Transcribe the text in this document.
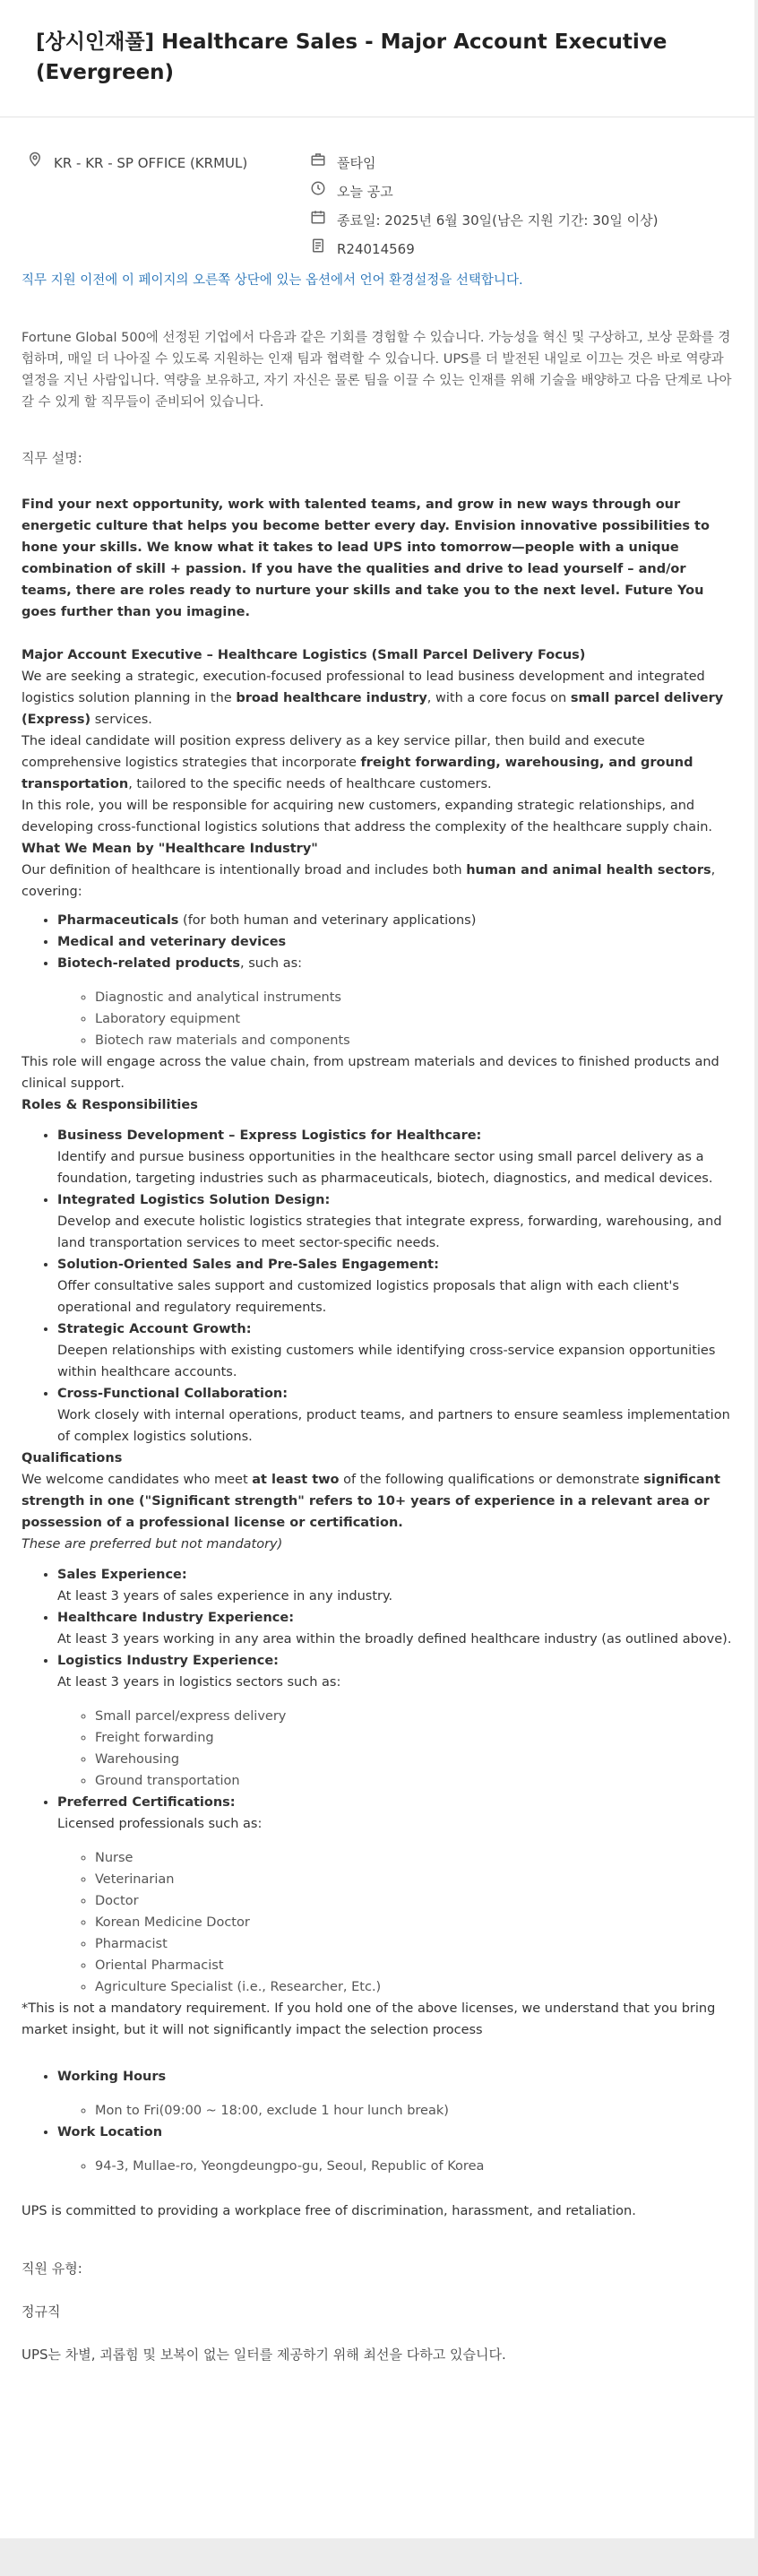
[상시인재풀] Healthcare Sales - Major Account Executive (Evergreen)
KR - KR - SP OFFICE (KRMUL)	풀타임
오늘 공고
종료일: 2025년 6월 30일(남은 지원 기간: 30일 이상)
R24014569

직무 지원 이전에 이 페이지의 오른쪽 상단에 있는 옵션에서 언어 환경설정을 선택합니다.

Fortune Global 500에 선정된 기업에서 다음과 같은 기회를 경험할 수 있습니다. 가능성을 혁신 및 구상하고, 보상 문화를 경험하며, 매일 더 나아질 수 있도록 지원하는 인재 팀과 협력할 수 있습니다. UPS를 더 발전된 내일로 이끄는 것은 바로 역량과 열정을 지닌 사람입니다. 역량을 보유하고, 자기 자신은 물론 팀을 이끌 수 있는 인재를 위해 기술을 배양하고 다음 단계로 나아갈 수 있게 할 직무들이 준비되어 있습니다.

직무 설명:

Find your next opportunity, work with talented teams, and grow in new ways through our energetic culture that helps you become better every day. Envision innovative possibilities to hone your skills. We know what it takes to lead UPS into tomorrow—people with a unique combination of skill + passion. If you have the qualities and drive to lead yourself – and/or teams, there are roles ready to nurture your skills and take you to the next level. Future You goes further than you imagine.

Major Account Executive – Healthcare Logistics (Small Parcel Delivery Focus)

We are seeking a strategic, execution-focused professional to lead business development and integrated logistics solution planning in the broad healthcare industry, with a core focus on small parcel delivery (Express) services.

The ideal candidate will position express delivery as a key service pillar, then build and execute comprehensive logistics strategies that incorporate freight forwarding, warehousing, and ground transportation, tailored to the specific needs of healthcare customers.

In this role, you will be responsible for acquiring new customers, expanding strategic relationships, and developing cross-functional logistics solutions that address the complexity of the healthcare supply chain.

What We Mean by "Healthcare Industry"

Our definition of healthcare is intentionally broad and includes both human and animal health sectors, covering:

• Pharmaceuticals (for both human and veterinary applications)
• Medical and veterinary devices
• Biotech-related products, such as:
◦ Diagnostic and analytical instruments
◦ Laboratory equipment
◦ Biotech raw materials and components

This role will engage across the value chain, from upstream materials and devices to finished products and clinical support.

Roles & Responsibilities

• Business Development – Express Logistics for Healthcare:
Identify and pursue business opportunities in the healthcare sector using small parcel delivery as a foundation, targeting industries such as pharmaceuticals, biotech, diagnostics, and medical devices.
• Integrated Logistics Solution Design:
Develop and execute holistic logistics strategies that integrate express, forwarding, warehousing, and land transportation services to meet sector-specific needs.
• Solution-Oriented Sales and Pre-Sales Engagement:
Offer consultative sales support and customized logistics proposals that align with each client's operational and regulatory requirements.
• Strategic Account Growth:
Deepen relationships with existing customers while identifying cross-service expansion opportunities within healthcare accounts.
• Cross-Functional Collaboration:
Work closely with internal operations, product teams, and partners to ensure seamless implementation of complex logistics solutions.

Qualifications

We welcome candidates who meet at least two of the following qualifications or demonstrate significant strength in one ("Significant strength" refers to 10+ years of experience in a relevant area or possession of a professional license or certification.

These are preferred but not mandatory)

• Sales Experience:
At least 3 years of sales experience in any industry.
• Healthcare Industry Experience:
At least 3 years working in any area within the broadly defined healthcare industry (as outlined above).
• Logistics Industry Experience:
At least 3 years in logistics sectors such as:
◦ Small parcel/express delivery
◦ Freight forwarding
◦ Warehousing
◦ Ground transportation
• Preferred Certifications:
Licensed professionals such as:
◦ Nurse
◦ Veterinarian
◦ Doctor
◦ Korean Medicine Doctor
◦ Pharmacist
◦ Oriental Pharmacist
◦ Agriculture Specialist (i.e., Researcher, Etc.)

*This is not a mandatory requirement. If you hold one of the above licenses, we understand that you bring market insight, but it will not significantly impact the selection process

• Working Hours
◦ Mon to Fri(09:00 ~ 18:00, exclude 1 hour lunch break)
• Work Location
◦ 94-3, Mullae-ro, Yeongdeungpo-gu, Seoul, Republic of Korea

UPS is committed to providing a workplace free of discrimination, harassment, and retaliation.

직원 유형:

정규직

UPS는 차별, 괴롭힘 및 보복이 없는 일터를 제공하기 위해 최선을 다하고 있습니다.
